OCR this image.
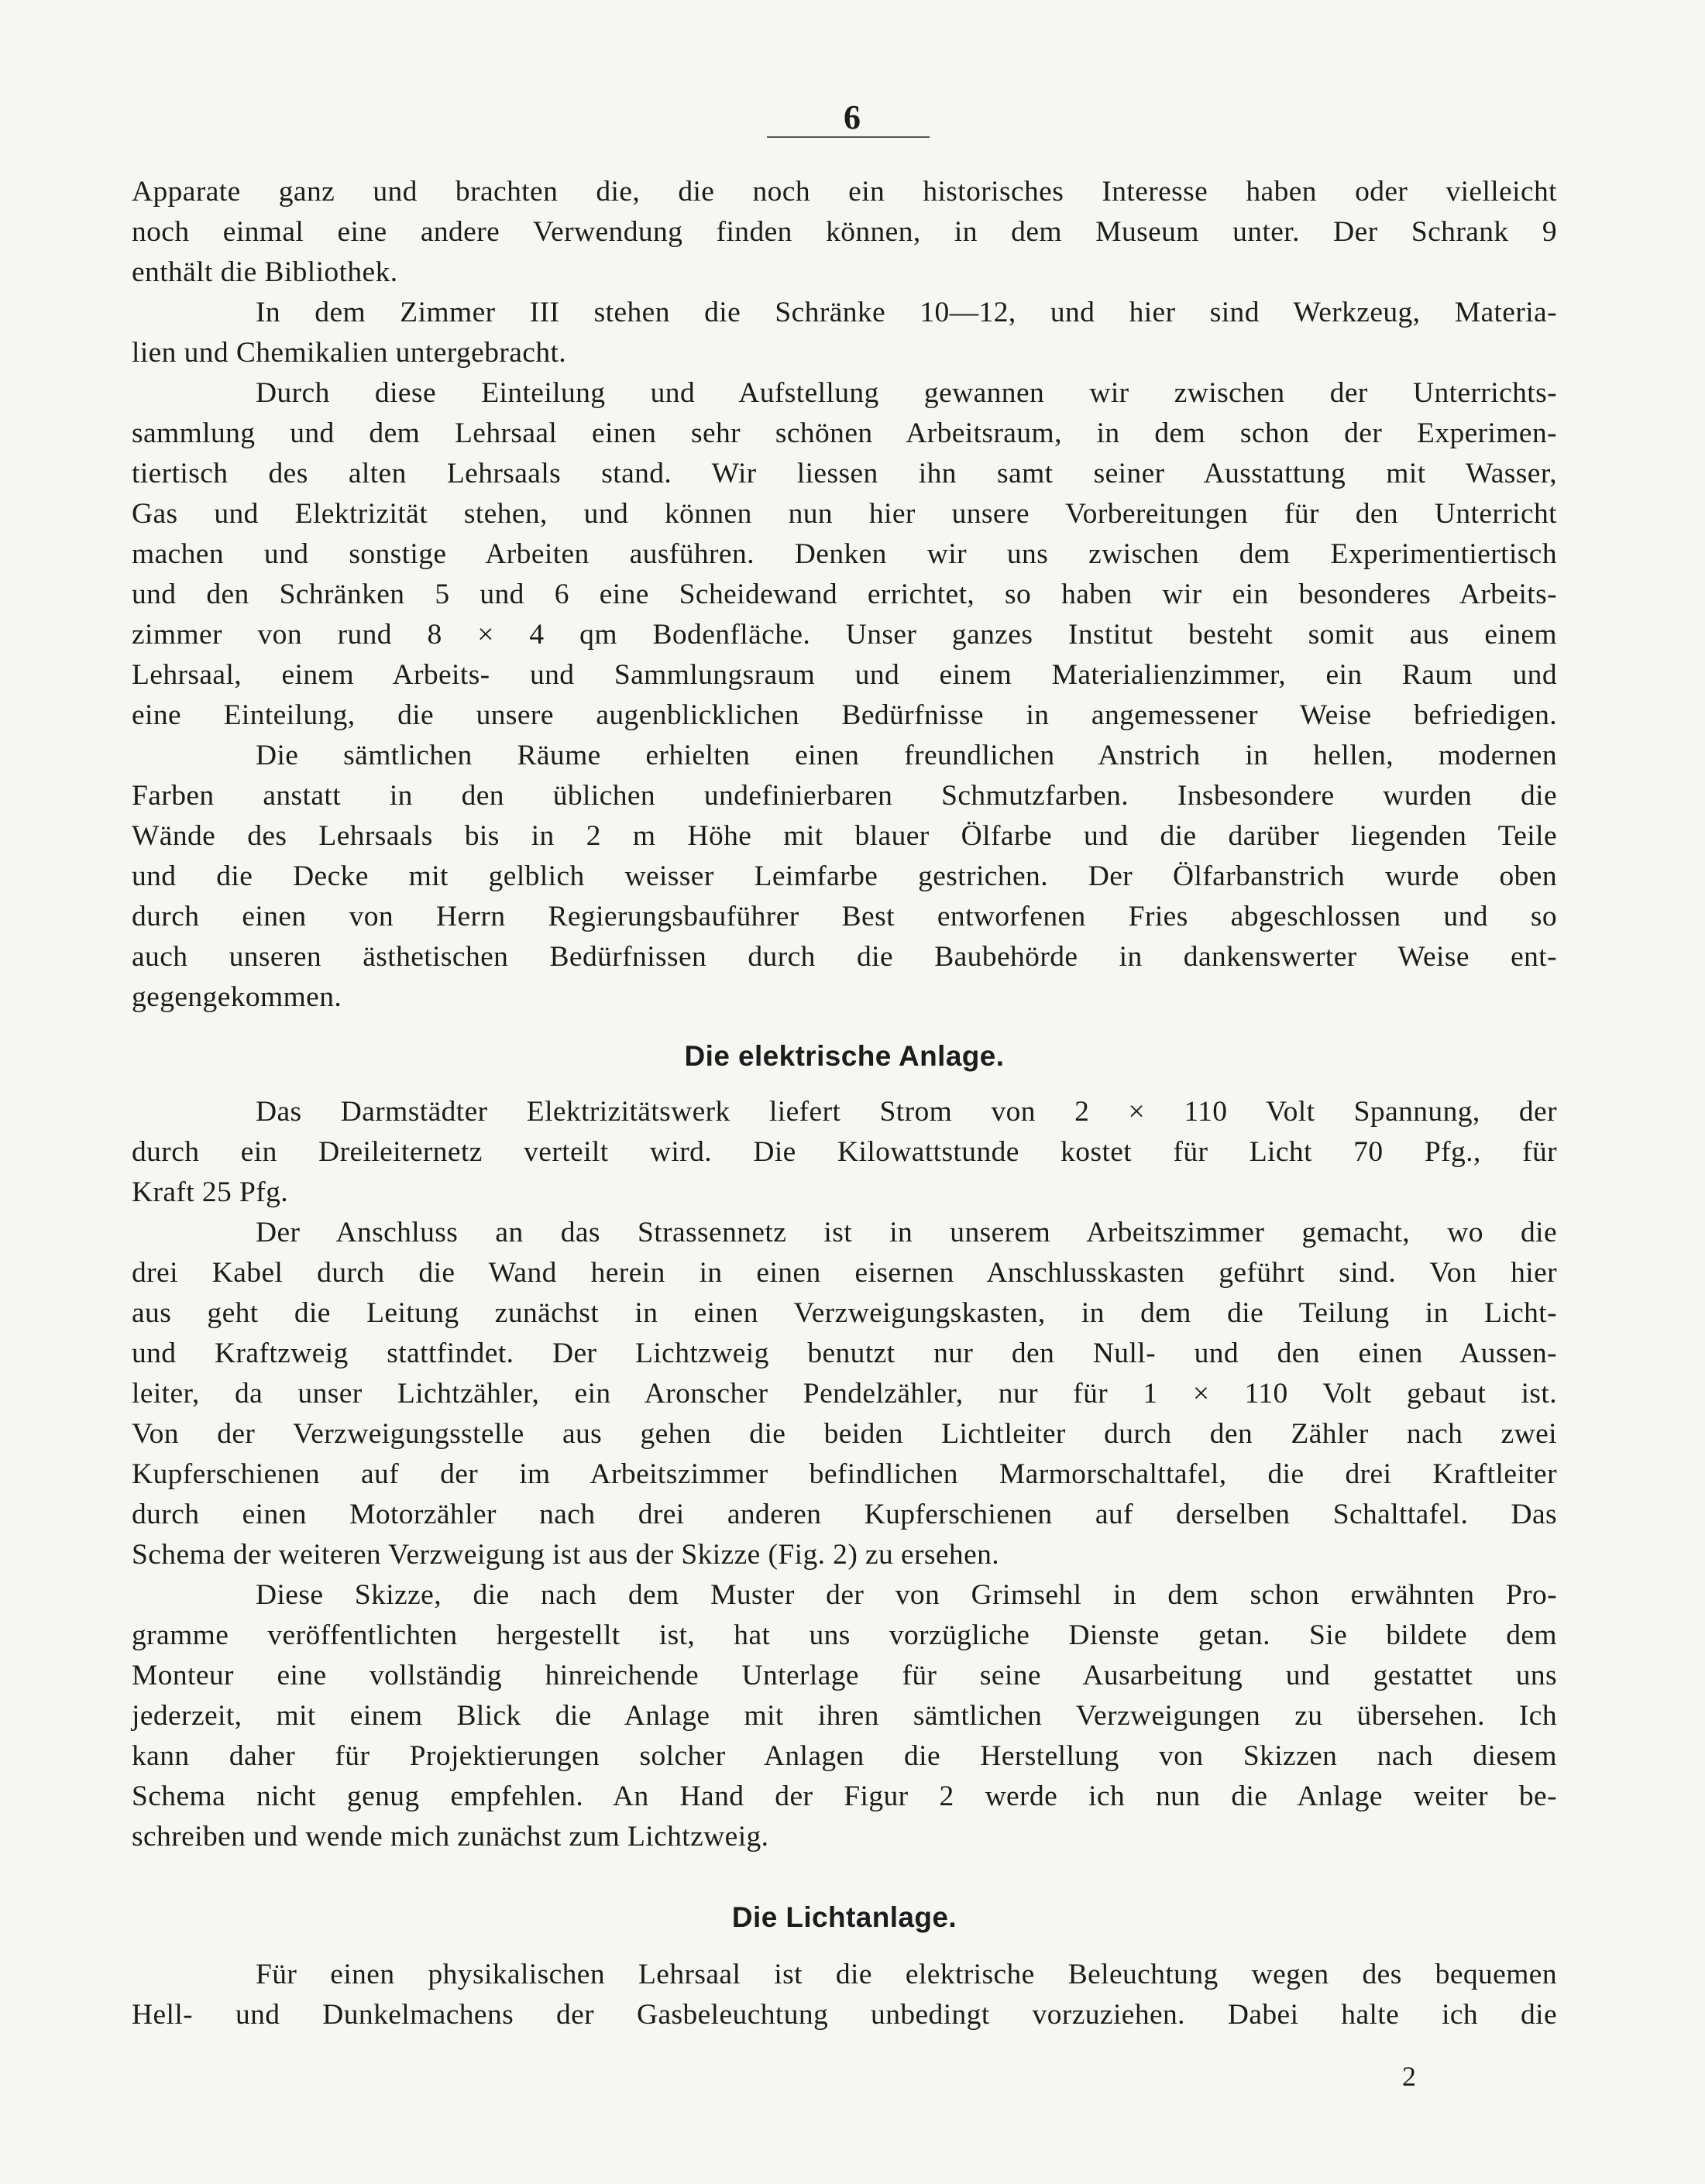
6
Apparate ganz und brachten die, die noch ein historisches Interesse haben oder vielleicht
noch einmal eine andere Verwendung finden können, in dem Museum unter. Der Schrank 9
enthält die Bibliothek.
In dem Zimmer III stehen die Schränke 10—12, und hier sind Werkzeug, Materia-
lien und Chemikalien untergebracht.
Durch diese Einteilung und Aufstellung gewannen wir zwischen der Unterrichts-
sammlung und dem Lehrsaal einen sehr schönen Arbeitsraum, in dem schon der Experimen-
tiertisch des alten Lehrsaals stand. Wir liessen ihn samt seiner Ausstattung mit Wasser,
Gas und Elektrizität stehen, und können nun hier unsere Vorbereitungen für den Unterricht
machen und sonstige Arbeiten ausführen. Denken wir uns zwischen dem Experimentiertisch
und den Schränken 5 und 6 eine Scheidewand errichtet, so haben wir ein besonderes Arbeits-
zimmer von rund 8 × 4 qm Bodenfläche. Unser ganzes Institut besteht somit aus einem
Lehrsaal, einem Arbeits- und Sammlungsraum und einem Materialienzimmer, ein Raum und
eine Einteilung, die unsere augenblicklichen Bedürfnisse in angemessener Weise befriedigen.
Die sämtlichen Räume erhielten einen freundlichen Anstrich in hellen, modernen
Farben anstatt in den üblichen undefinierbaren Schmutzfarben. Insbesondere wurden die
Wände des Lehrsaals bis in 2 m Höhe mit blauer Ölfarbe und die darüber liegenden Teile
und die Decke mit gelblich weisser Leimfarbe gestrichen. Der Ölfarbanstrich wurde oben
durch einen von Herrn Regierungsbauführer Best entworfenen Fries abgeschlossen und so
auch unseren ästhetischen Bedürfnissen durch die Baubehörde in dankenswerter Weise ent-
gegengekommen.
Die elektrische Anlage.
Das Darmstädter Elektrizitätswerk liefert Strom von 2 × 110 Volt Spannung, der
durch ein Dreileiternetz verteilt wird. Die Kilowattstunde kostet für Licht 70 Pfg., für
Kraft 25 Pfg.
Der Anschluss an das Strassennetz ist in unserem Arbeitszimmer gemacht, wo die
drei Kabel durch die Wand herein in einen eisernen Anschlusskasten geführt sind. Von hier
aus geht die Leitung zunächst in einen Verzweigungskasten, in dem die Teilung in Licht-
und Kraftzweig stattfindet. Der Lichtzweig benutzt nur den Null- und den einen Aussen-
leiter, da unser Lichtzähler, ein Aronscher Pendelzähler, nur für 1 × 110 Volt gebaut ist.
Von der Verzweigungsstelle aus gehen die beiden Lichtleiter durch den Zähler nach zwei
Kupferschienen auf der im Arbeitszimmer befindlichen Marmorschalttafel, die drei Kraftleiter
durch einen Motorzähler nach drei anderen Kupferschienen auf derselben Schalttafel. Das
Schema der weiteren Verzweigung ist aus der Skizze (Fig. 2) zu ersehen.
Diese Skizze, die nach dem Muster der von Grimsehl in dem schon erwähnten Pro-
gramme veröffentlichten hergestellt ist, hat uns vorzügliche Dienste getan. Sie bildete dem
Monteur eine vollständig hinreichende Unterlage für seine Ausarbeitung und gestattet uns
jederzeit, mit einem Blick die Anlage mit ihren sämtlichen Verzweigungen zu übersehen. Ich
kann daher für Projektierungen solcher Anlagen die Herstellung von Skizzen nach diesem
Schema nicht genug empfehlen. An Hand der Figur 2 werde ich nun die Anlage weiter be-
schreiben und wende mich zunächst zum Lichtzweig.
Die Lichtanlage.
Für einen physikalischen Lehrsaal ist die elektrische Beleuchtung wegen des bequemen
Hell- und Dunkelmachens der Gasbeleuchtung unbedingt vorzuziehen. Dabei halte ich die
2
